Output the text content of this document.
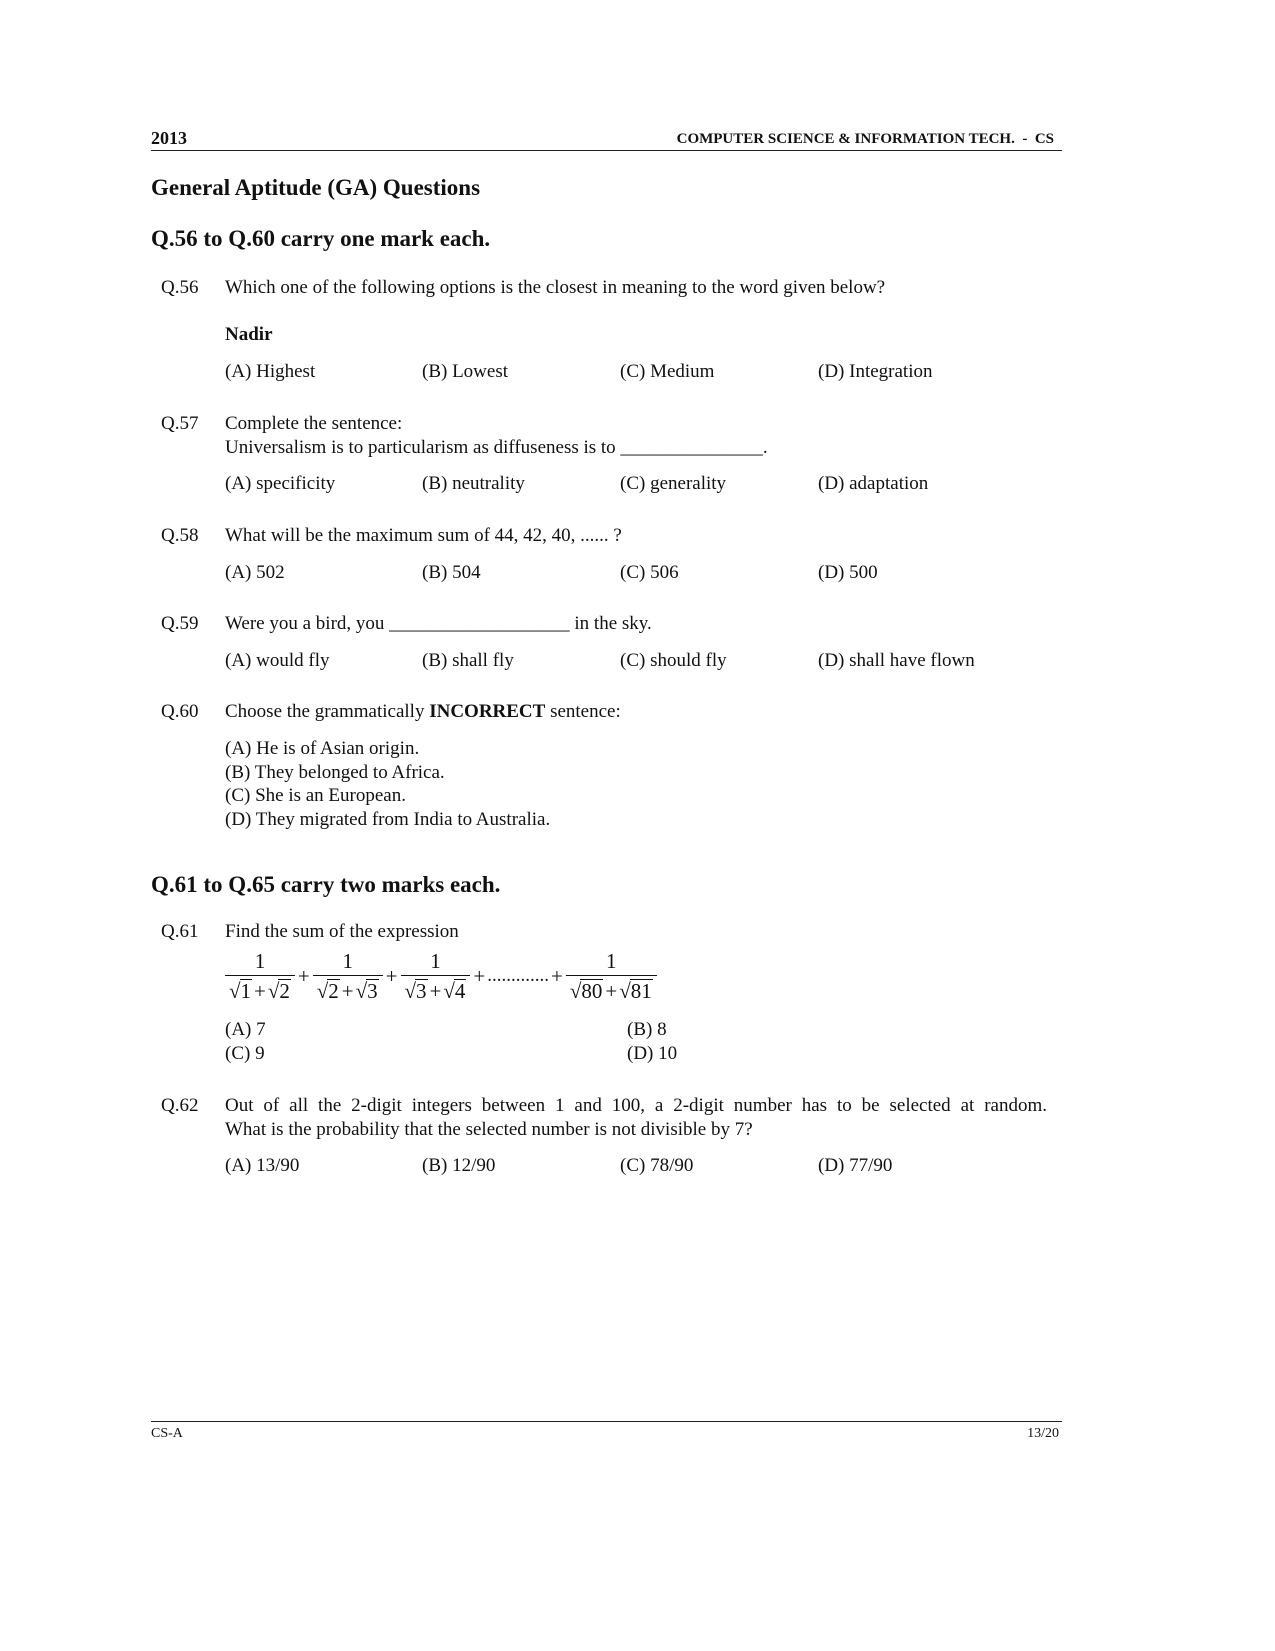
2013	COMPUTER SCIENCE & INFORMATION TECH.  -  CS
General Aptitude (GA) Questions
Q.56 to Q.60 carry one mark each.
Q.56 Which one of the following options is the closest in meaning to the word given below?
Nadir
(A) Highest	(B) Lowest	(C) Medium	(D) Integration
Q.57 Complete the sentence:
Universalism is to particularism as diffuseness is to _______________.
(A) specificity	(B) neutrality	(C) generality	(D) adaptation
Q.58 What will be the maximum sum of 44, 42, 40, ...... ?
(A) 502	(B) 504	(C) 506	(D) 500
Q.59 Were you a bird, you ___________________ in the sky.
(A) would fly	(B) shall fly	(C) should fly	(D) shall have flown
Q.60 Choose the grammatically INCORRECT sentence:
(A) He is of Asian origin.
(B) They belonged to Africa.
(C) She is an European.
(D) They migrated from India to Australia.
Q.61 to Q.65 carry two marks each.
Q.61 Find the sum of the expression
$\frac{1}{√1 +√2} + \frac{1}{√2 +√3} + \frac{1}{√3 +√4}$ + ............. + $\frac{1}{√80 +√81}$
(A) 7	(B) 8
(C) 9	(D) 10
Q.62 Out of all the 2-digit integers between 1 and 100, a 2-digit number has to be selected at random.
What is the probability that the selected number is not divisible by 7?
(A) 13/90	(B) 12/90	(C) 78/90	(D) 77/90
CS-A	13/20
